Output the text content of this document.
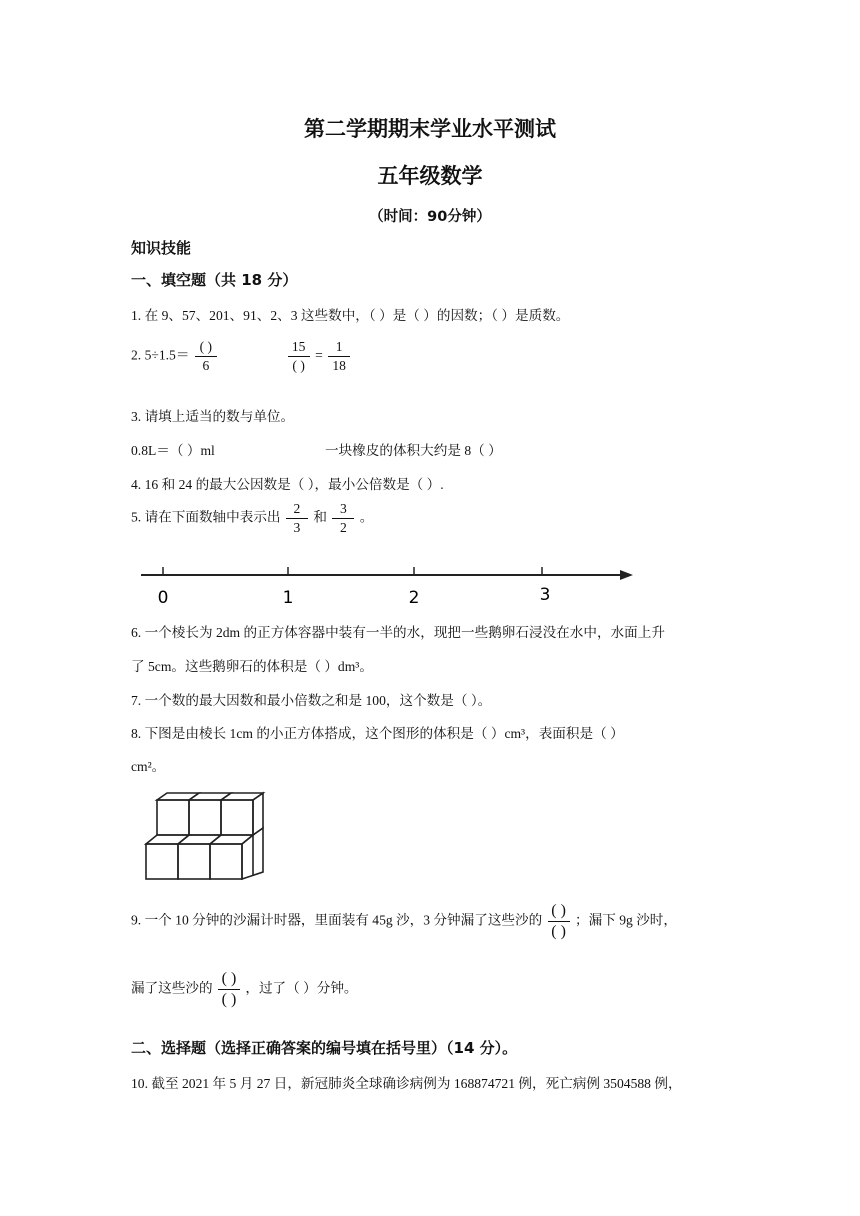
第二学期期末学业水平测试
五年级数学
（时间：90分钟）
知识技能
一、填空题（共 18 分）
1. 在 9、57、201、91、2、3 这些数中，（ ）是（ ）的因数；（ ）是质数。
2. $5\div 1.5= \frac{( )}{6}$
	$\frac{15}{( )} = \frac{1}{18}$
3. 请填上适当的数与单位。
0.8L＝（ ）ml	一块橡皮的体积大约是 8（ ）
4. 16 和 24 的最大公因数是（ ），最小公倍数是（ ）.
5. 请在下面数轴中表示出 $\frac{2}{3}$ 和 $\frac{3}{2}$ 。
0	1	2	3
6. 一个棱长为 2dm 的正方体容器中装有一半的水，现把一些鹅卵石浸没在水中，水面上升
了 5cm。这些鹅卵石的体积是（ ）dm³。
7. 一个数的最大因数和最小倍数之和是 100，这个数是（ ）。
8. 下图是由棱长 1cm 的小正方体搭成，这个图形的体积是（ ）cm³，表面积是（ ）
cm²。
9. 一个 10 分钟的沙漏计时器，里面装有 45g 沙，3 分钟漏了这些沙的 $\frac{( )}{( )}$ ；漏下 9g 沙时，
漏了这些沙的 $\frac{( )}{( )}$ ，过了（ ）分钟。
二、选择题（选择正确答案的编号填在括号里）（14 分）。
10. 截至 2021 年 5 月 27 日，新冠肺炎全球确诊病例为 168874721 例，死亡病例 3504588 例，
